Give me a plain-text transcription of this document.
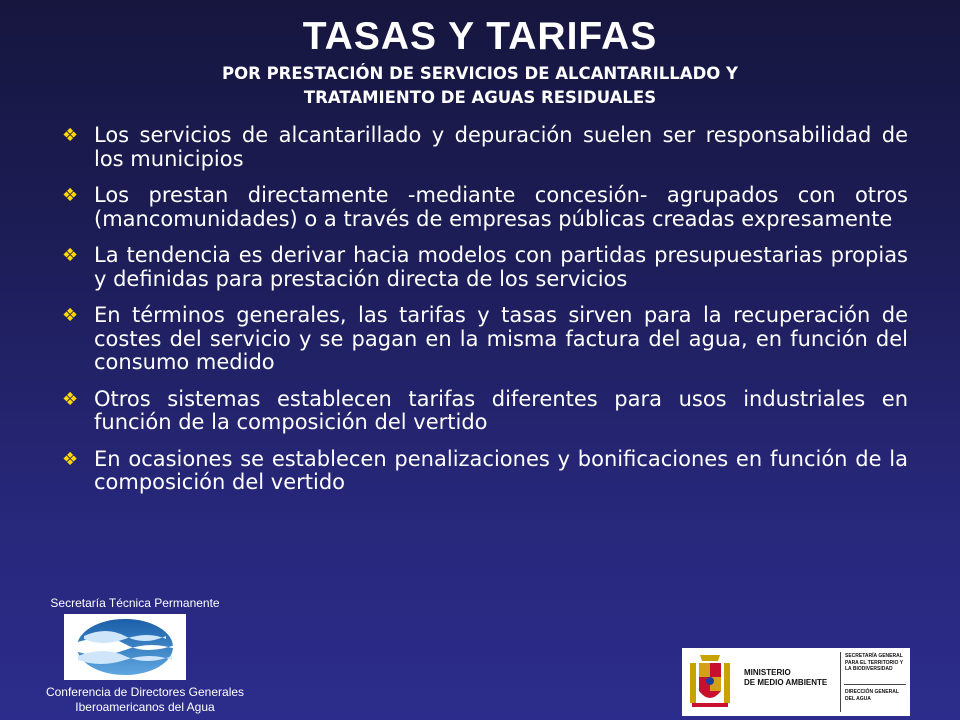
TASAS Y TARIFAS
POR PRESTACIÓN DE SERVICIOS DE ALCANTARILLADO Y
TRATAMIENTO DE AGUAS RESIDUALES
❖ Los servicios de alcantarillado y depuración suelen ser responsabilidad de los municipios
❖ Los prestan directamente -mediante concesión- agrupados con otros (mancomunidades) o a través de empresas públicas creadas expresamente
❖ La tendencia es derivar hacia modelos con partidas presupuestarias propias y definidas para prestación directa de los servicios
❖ En términos generales, las tarifas y tasas sirven para la recuperación de costes del servicio y se pagan en la misma factura del agua, en función del consumo medido
❖ Otros sistemas establecen tarifas diferentes para usos industriales en función de la composición del vertido
❖ En ocasiones se establecen penalizaciones y bonificaciones en función de la composición del vertido
Secretaría Técnica Permanente
Conferencia de Directores Generales
Iberoamericanos del Agua
MINISTERIO
DE MEDIO AMBIENTE
SECRETARÍA GENERAL
PARA EL TERRITORIO Y
LA BIODIVERSIDAD
DIRECCIÓN GENERAL
DEL AGUA
